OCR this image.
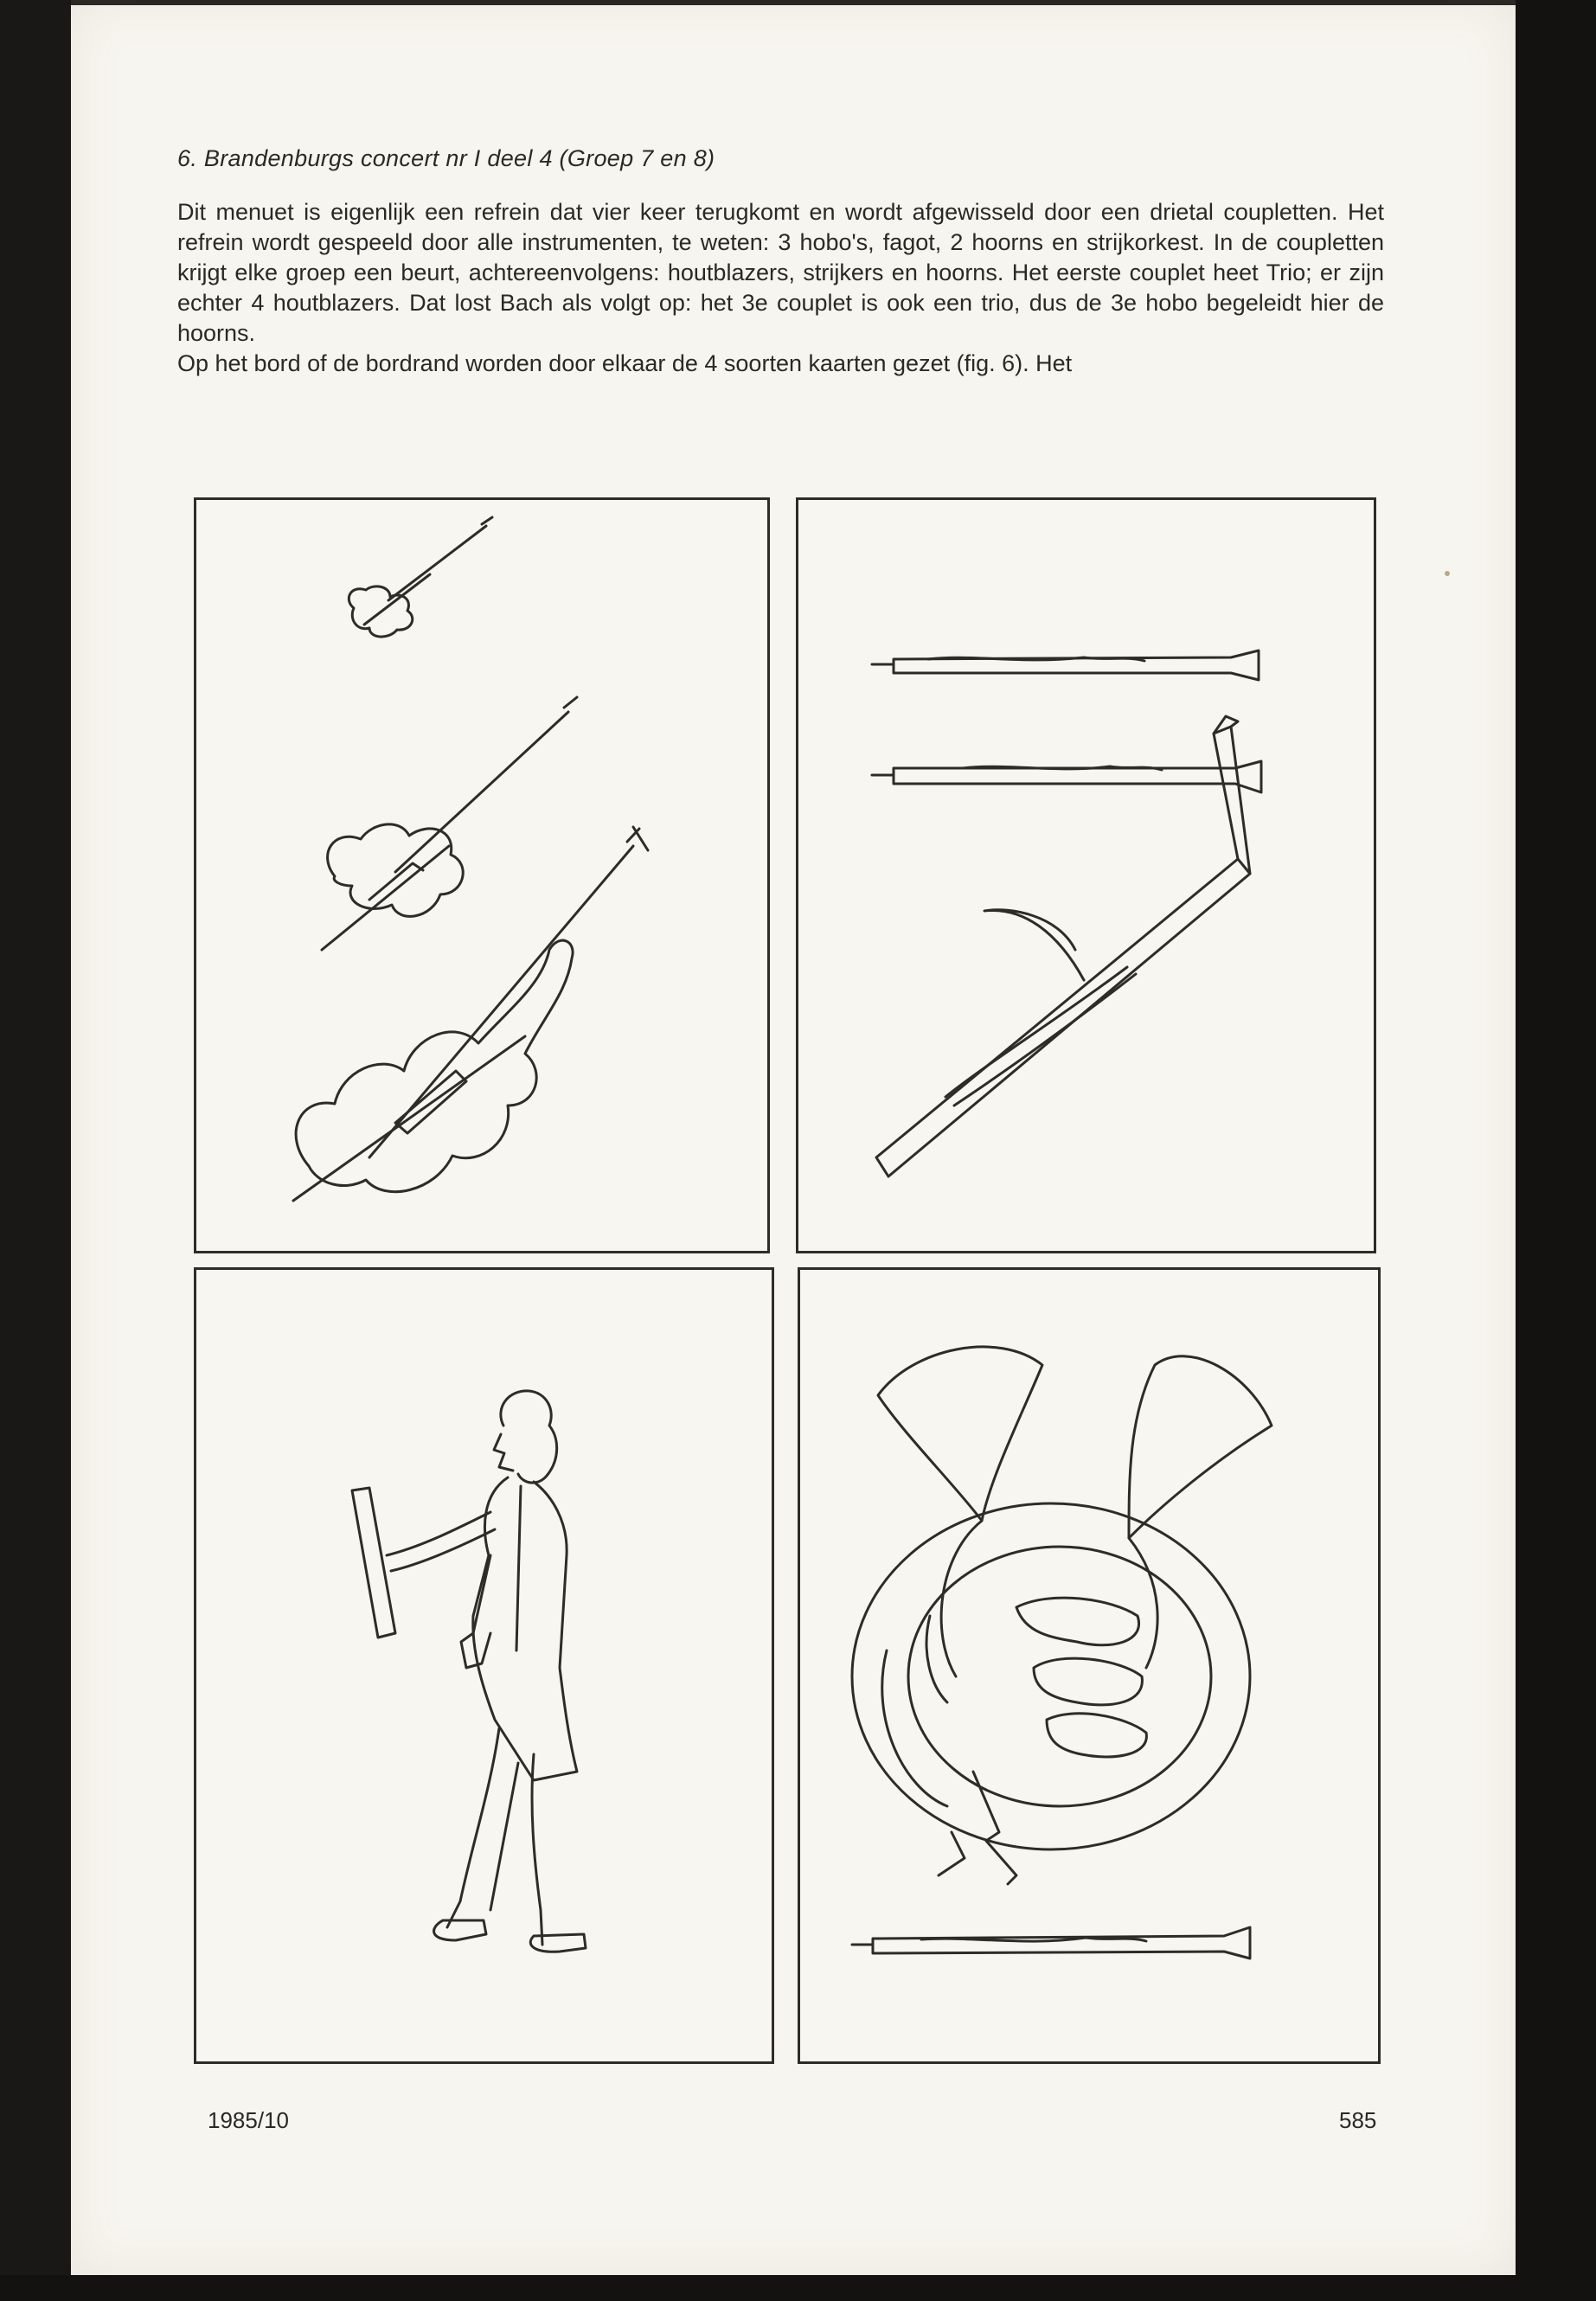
6. Brandenburgs concert nr I deel 4 (Groep 7 en 8)

Dit menuet is eigenlijk een refrein dat vier keer terugkomt en wordt afgewisseld door een drietal coupletten. Het refrein wordt gespeeld door alle instrumenten, te weten: 3 hobo's, fagot, 2 hoorns en strijkorkest. In de coupletten krijgt elke groep een beurt, achtereenvolgens: houtblazers, strijkers en hoorns. Het eerste couplet heet Trio; er zijn echter 4 houtblazers. Dat lost Bach als volgt op: het 3e couplet is ook een trio, dus de 3e hobo begeleidt hier de hoorns.

Op het bord of de bordrand worden door elkaar de 4 soorten kaarten gezet (fig. 6). Het

1985/10	585
